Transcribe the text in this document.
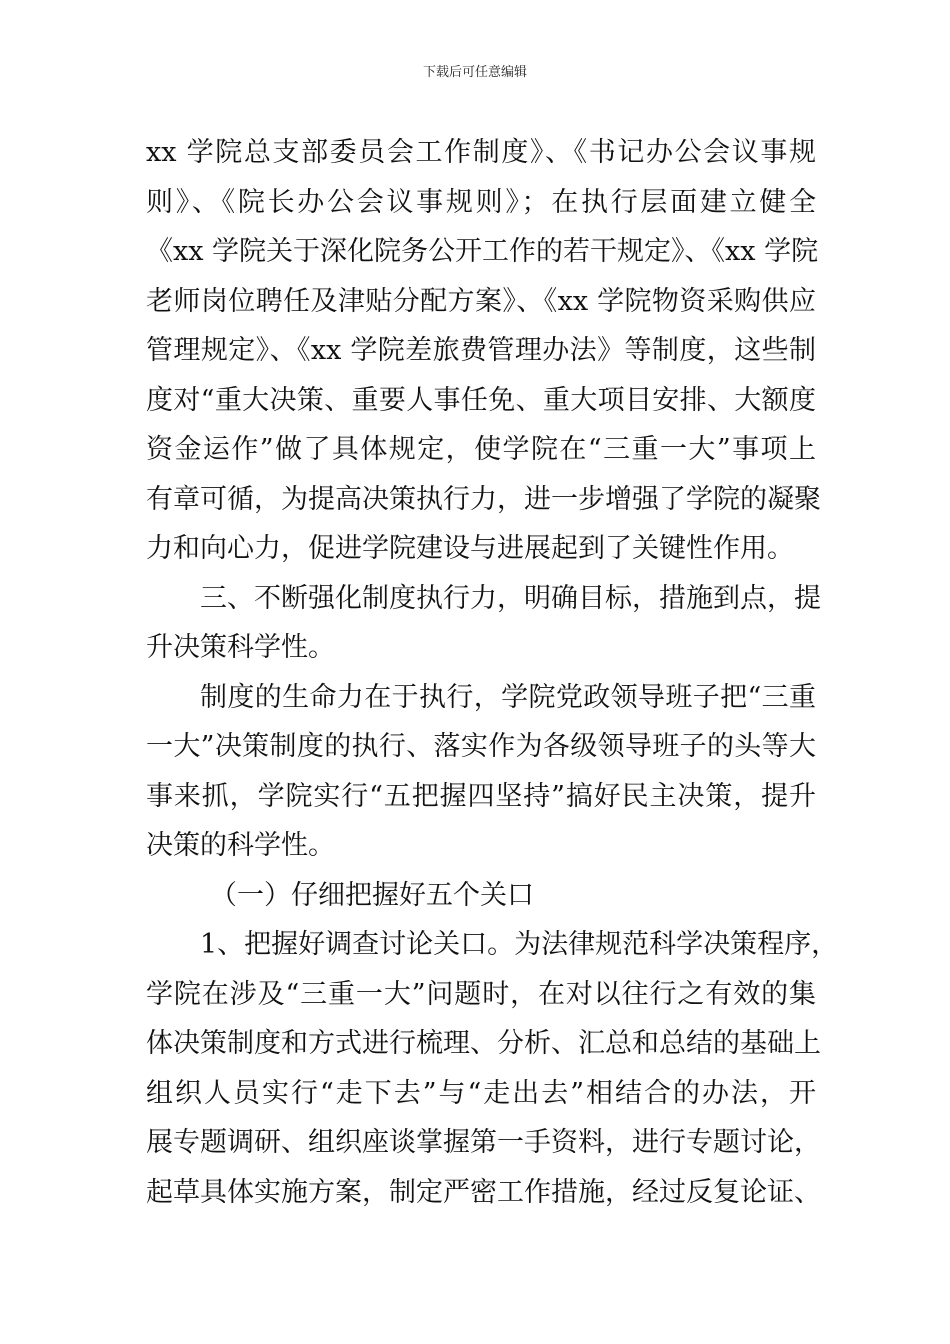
下载后可任意编辑
xx 学院总支部委员会工作制度》、《书记办公会议事规
则》、《院长办公会议事规则》；在执行层面建立健全
《xx 学院关于深化院务公开工作的若干规定》、《xx 学院
老师岗位聘任及津贴分配方案》、《xx 学院物资采购供应
管理规定》、《xx 学院差旅费管理办法》等制度，这些制
度对“重大决策、重要人事任免、重大项目安排、大额度
资金运作”做了具体规定，使学院在“三重一大”事项上
有章可循，为提高决策执行力，进一步增强了学院的凝聚
力和向心力，促进学院建设与进展起到了关键性作用。
三、不断强化制度执行力，明确目标，措施到点，提
升决策科学性。
制度的生命力在于执行，学院党政领导班子把“三重
一大”决策制度的执行、落实作为各级领导班子的头等大
事来抓，学院实行“五把握四坚持”搞好民主决策，提升
决策的科学性。
（一）仔细把握好五个关口
1、把握好调查讨论关口。为法律规范科学决策程序，
学院在涉及“三重一大”问题时，在对以往行之有效的集
体决策制度和方式进行梳理、分析、汇总和总结的基础上
组织人员实行“走下去”与“走出去”相结合的办法，开
展专题调研、组织座谈掌握第一手资料，进行专题讨论，
起草具体实施方案，制定严密工作措施，经过反复论证、
